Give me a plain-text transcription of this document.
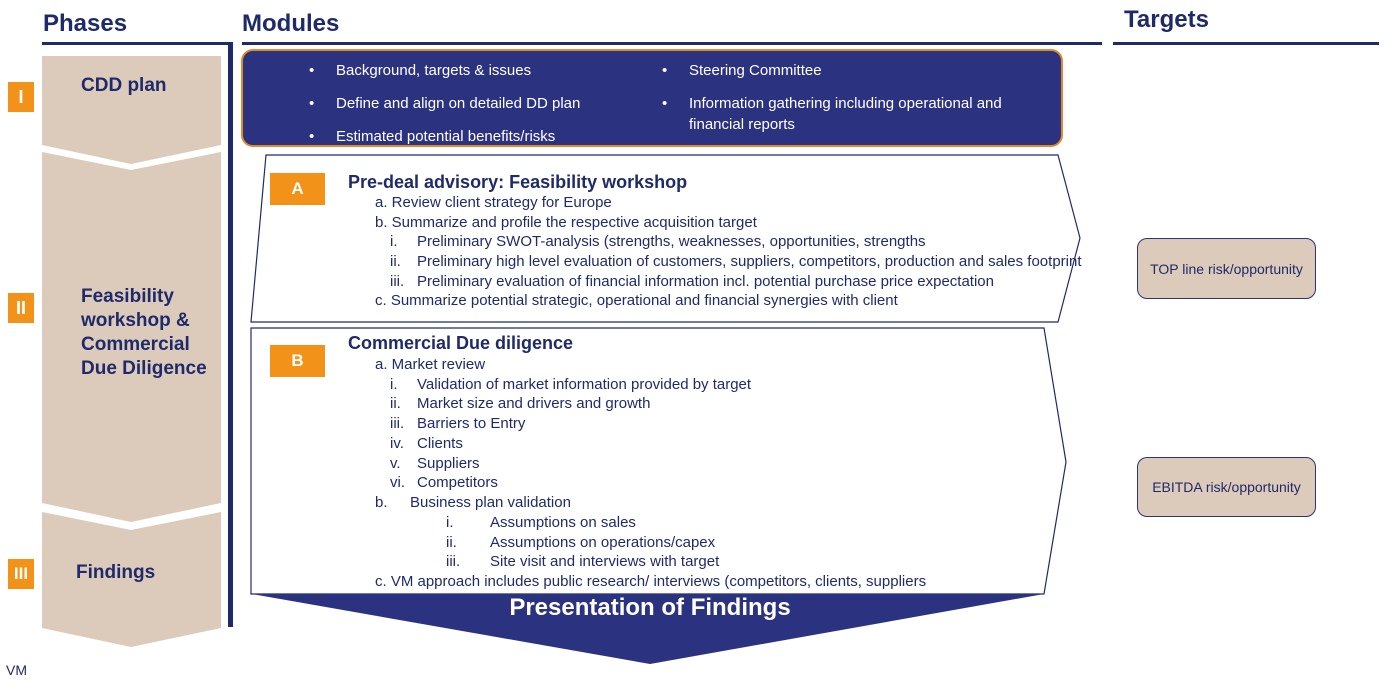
Phases	Modules	Targets
I
II
III
CDD plan
Feasibility
workshop &
Commercial
Due Diligence
Findings
• Background, targets & issues
• Define and align on detailed DD plan
• Estimated potential benefits/risks
• Steering Committee
• Information gathering including operational and
financial reports
A	Pre-deal advisory: Feasibility workshop
a. Review client strategy for Europe
b. Summarize and profile the respective acquisition target
i. Preliminary SWOT-analysis (strengths, weaknesses, opportunities, strengths
ii. Preliminary high level evaluation of customers, suppliers, competitors, production and sales footprint
iii. Preliminary evaluation of financial information incl. potential purchase price expectation
c. Summarize potential strategic, operational and financial synergies with client
B
Commercial Due diligence
a. Market review
i. Validation of market information provided by target
ii. Market size and drivers and growth
iii. Barriers to Entry
iv. Clients
v. Suppliers
vi. Competitors
b. Business plan validation
i. Assumptions on sales
ii. Assumptions on operations/capex
iii. Site visit and interviews with target
c. VM approach includes public research/ interviews (competitors, clients, suppliers
Presentation of Findings
TOP line risk/opportunity
EBITDA risk/opportunity
VM
